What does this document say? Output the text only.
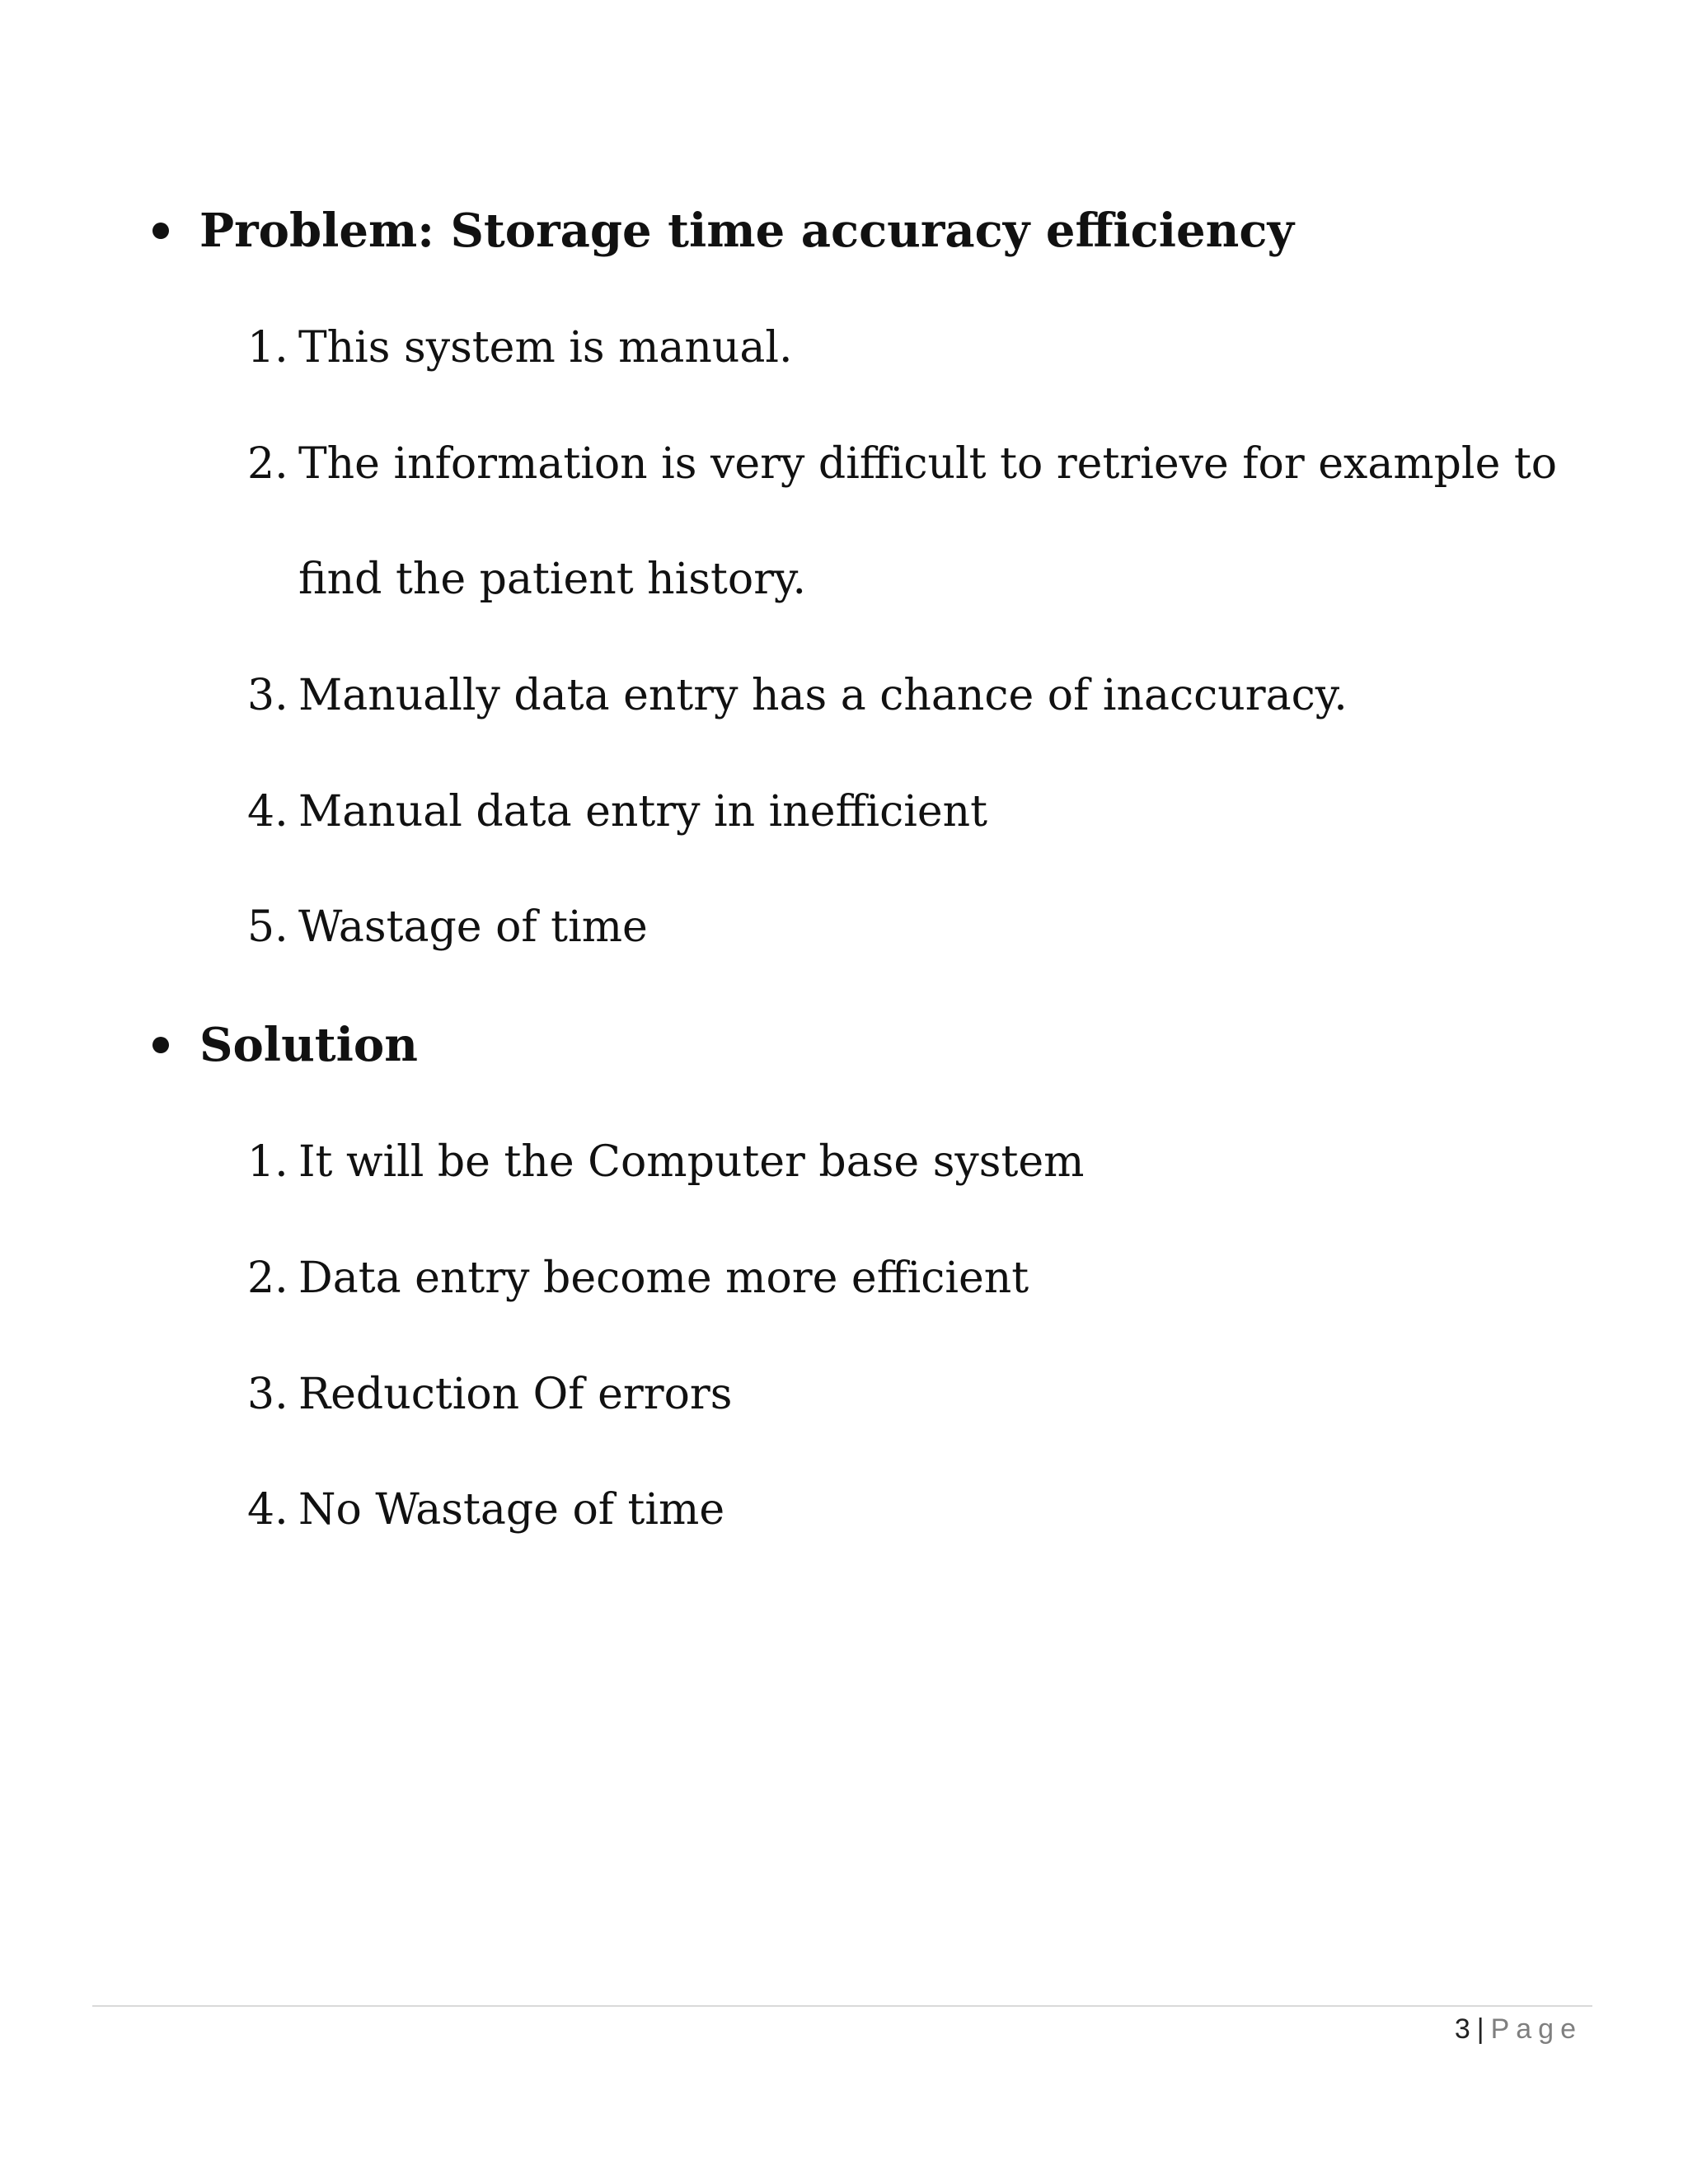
Problem: Storage time accuracy efficiency
1. This system is manual.
2. The information is very difficult to retrieve for example to
find the patient history.
3. Manually data entry has a chance of inaccuracy.
4. Manual data entry in inefficient
5. Wastage of time
Solution
1. It will be the Computer base system
2. Data entry become more efficient
3. Reduction Of errors
4. No Wastage of time
3 | Page
